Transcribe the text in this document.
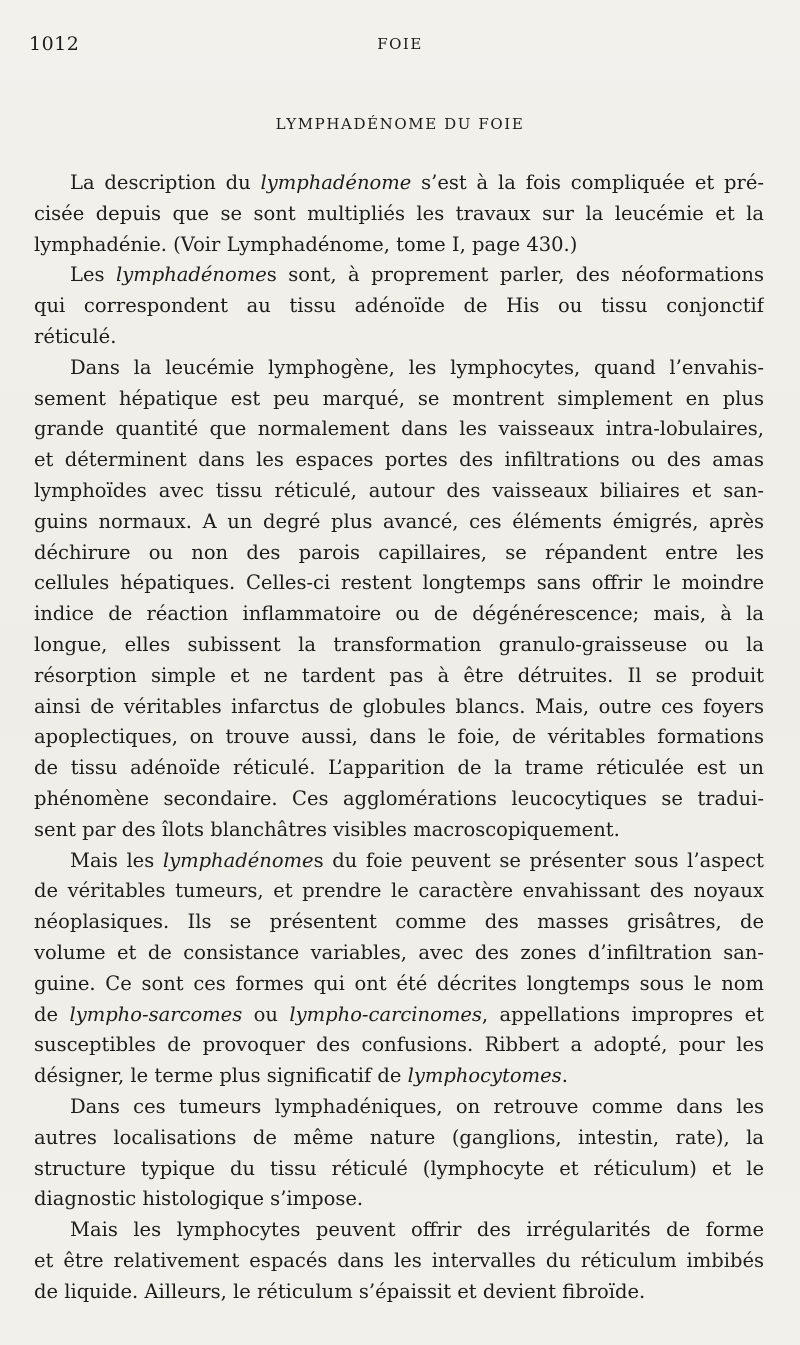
1012	FOIE
LYMPHADÉNOME DU FOIE
La description du lymphadénome s’est à la fois compliquée et pré-
cisée depuis que se sont multipliés les travaux sur la leucémie et la
lymphadénie. (Voir Lymphadénome, tome I, page 430.)
Les lymphadénomes sont, à proprement parler, des néoformations
qui correspondent au tissu adénoïde de His ou tissu conjonctif
réticulé.
Dans la leucémie lymphogène, les lymphocytes, quand l’envahis-
sement hépatique est peu marqué, se montrent simplement en plus
grande quantité que normalement dans les vaisseaux intra-lobulaires,
et déterminent dans les espaces portes des infiltrations ou des amas
lymphoïdes avec tissu réticulé, autour des vaisseaux biliaires et san-
guins normaux. A un degré plus avancé, ces éléments émigrés, après
déchirure ou non des parois capillaires, se répandent entre les
cellules hépatiques. Celles-ci restent longtemps sans offrir le moindre
indice de réaction inflammatoire ou de dégénérescence; mais, à la
longue, elles subissent la transformation granulo-graisseuse ou la
résorption simple et ne tardent pas à être détruites. Il se produit
ainsi de véritables infarctus de globules blancs. Mais, outre ces foyers
apoplectiques, on trouve aussi, dans le foie, de véritables formations
de tissu adénoïde réticulé. L’apparition de la trame réticulée est un
phénomène secondaire. Ces agglomérations leucocytiques se tradui-
sent par des îlots blanchâtres visibles macroscopiquement.
Mais les lymphadénomes du foie peuvent se présenter sous l’aspect
de véritables tumeurs, et prendre le caractère envahissant des noyaux
néoplasiques. Ils se présentent comme des masses grisâtres, de
volume et de consistance variables, avec des zones d’infiltration san-
guine. Ce sont ces formes qui ont été décrites longtemps sous le nom
de lympho-sarcomes ou lympho-carcinomes, appellations impropres et
susceptibles de provoquer des confusions. Ribbert a adopté, pour les
désigner, le terme plus significatif de lymphocytomes.
Dans ces tumeurs lymphadéniques, on retrouve comme dans les
autres localisations de même nature (ganglions, intestin, rate), la
structure typique du tissu réticulé (lymphocyte et réticulum) et le
diagnostic histologique s’impose.
Mais les lymphocytes peuvent offrir des irrégularités de forme
et être relativement espacés dans les intervalles du réticulum imbibés
de liquide. Ailleurs, le réticulum s’épaissit et devient fibroïde.
